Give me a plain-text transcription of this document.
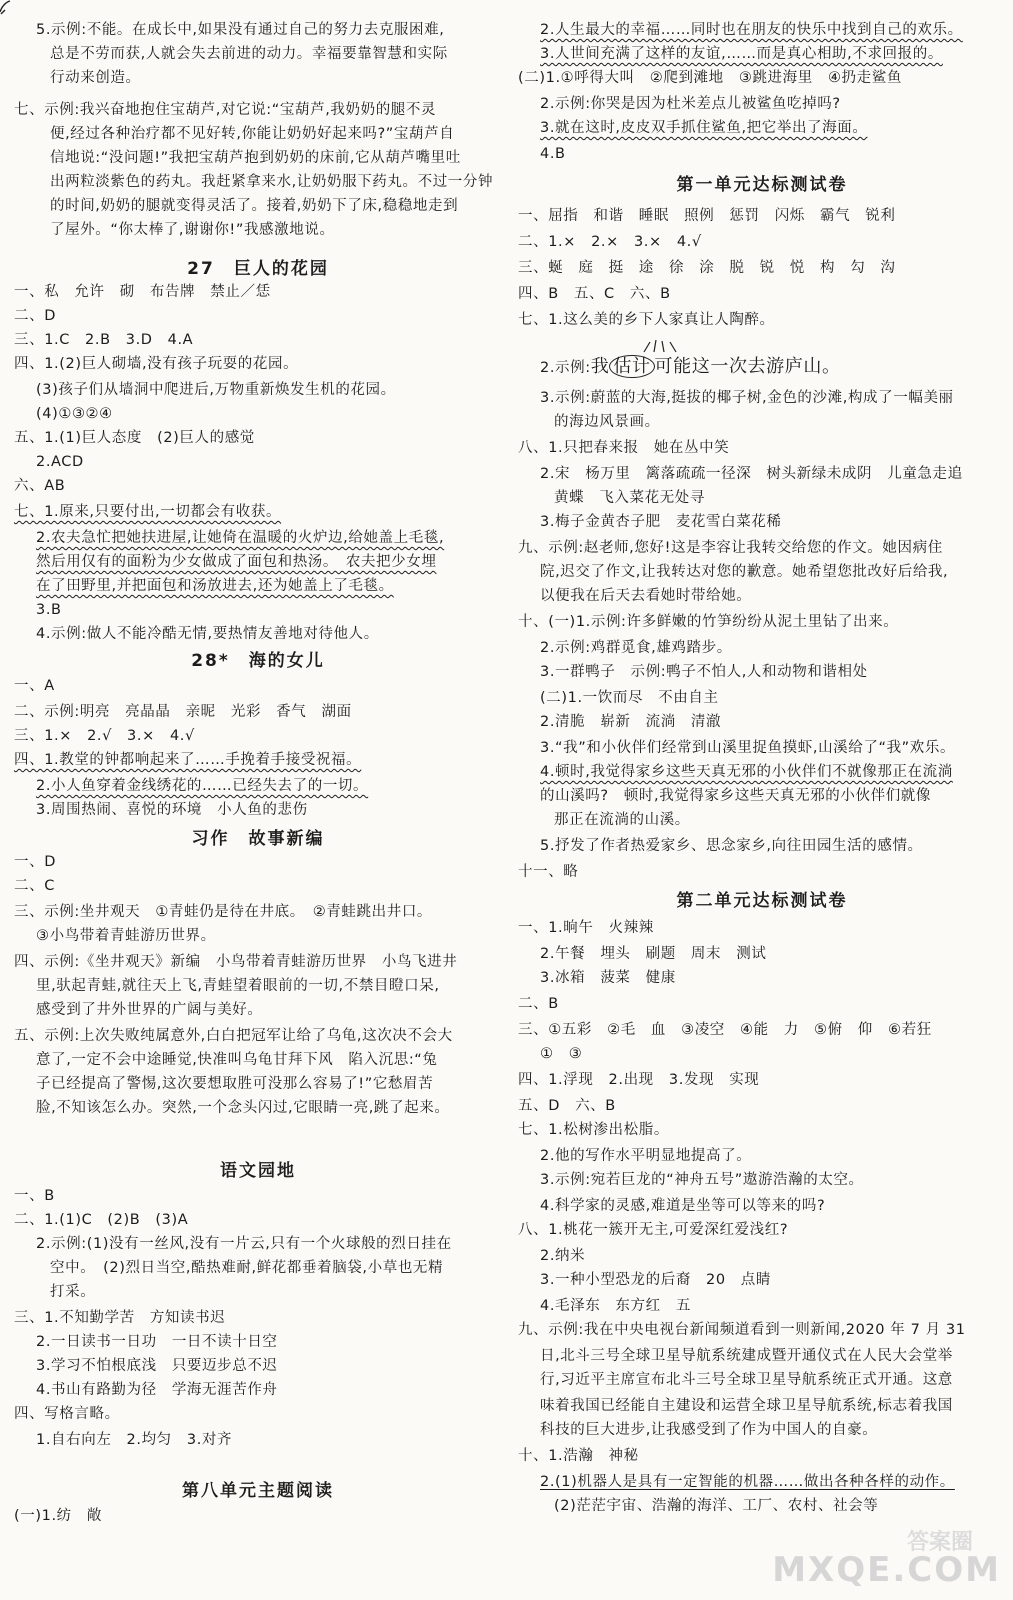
5.示例:不能。在成长中,如果没有通过自己的努力去克服困难,
总是不劳而获,人就会失去前进的动力。幸福要靠智慧和实际
行动来创造。
七、示例:我兴奋地抱住宝葫芦,对它说:“宝葫芦,我奶奶的腿不灵
便,经过各种治疗都不见好转,你能让奶奶好起来吗?”宝葫芦自
信地说:“没问题!”我把宝葫芦抱到奶奶的床前,它从葫芦嘴里吐
出两粒淡紫色的药丸。我赶紧拿来水,让奶奶服下药丸。不过一分钟
的时间,奶奶的腿就变得灵活了。接着,奶奶下了床,稳稳地走到
了屋外。“你太棒了,谢谢你!”我感激地说。
一、私　允许　砌　布告牌　禁止／恁
二、D
三、1.C　2.B　3.D　4.A
四、1.(2)巨人砌墙,没有孩子玩耍的花园。
(3)孩子们从墙洞中爬进后,万物重新焕发生机的花园。
(4)①③②④
五、1.(1)巨人态度　(2)巨人的感觉
2.ACD
六、AB
七、1.原来,只要付出,一切都会有收获。
2.农夫急忙把她扶进屋,让她倚在温暖的火炉边,给她盖上毛毯,
然后用仅有的面粉为少女做成了面包和热汤。　农夫把少女埋
在了田野里,并把面包和汤放进去,还为她盖上了毛毯。
3.B
4.示例:做人不能冷酷无情,要热情友善地对待他人。
一、A
二、示例:明亮　亮晶晶　亲昵　光彩　香气　湖面
三、1.×　2.√　3.×　4.√
四、1.教堂的钟都响起来了……手挽着手接受祝福。
2.小人鱼穿着金线绣花的……已经失去了的一切。
3.周围热闹、喜悦的环境　小人鱼的悲伤
一、D
二、C
三、示例:坐井观天　①青蛙仍是待在井底。　②青蛙跳出井口。
③小鸟带着青蛙游历世界。
四、示例:《坐井观天》新编　小鸟带着青蛙游历世界　小鸟飞进井
里,驮起青蛙,就往天上飞,青蛙望着眼前的一切,不禁目瞪口呆,
感受到了井外世界的广阔与美好。
五、示例:上次失败纯属意外,白白把冠军让给了乌龟,这次决不会大
意了,一定不会中途睡觉,快准叫乌龟甘拜下风　陷入沉思:“兔
子已经提高了警惕,这次要想取胜可没那么容易了!”它愁眉苦
脸,不知该怎么办。突然,一个念头闪过,它眼睛一亮,跳了起来。
一、B
二、1.(1)C　(2)B　(3)A
2.示例:(1)没有一丝风,没有一片云,只有一个火球般的烈日挂在
空中。　(2)烈日当空,酷热难耐,鲜花都垂着脑袋,小草也无精
打采。
三、1.不知勤学苦　方知读书迟
2.一日读书一日功　一日不读十日空
3.学习不怕根底浅　只要迈步总不迟
4.书山有路勤为径　学海无涯苦作舟
四、写格言略。
1.自右向左　2.均匀　3.对齐
(一)1.纺　敞
27　巨人的花园
28*　海的女儿
习作　故事新编
语文园地
第八单元主题阅读
2.示例:我 估计 可能这一次去游庐山。
2.人生最大的幸福……同时也在朋友的快乐中找到自己的欢乐。
3.人世间充满了这样的友谊,……而是真心相助,不求回报的。
(二)1.①呼得大叫　②爬到滩地　③跳进海里　④扔走鲨鱼
2.示例:你哭是因为杜米差点儿被鲨鱼吃掉吗?
3.就在这时,皮皮双手抓住鲨鱼,把它举出了海面。
4.B
一、屈指　和谐　睡眠　照例　惩罚　闪烁　霸气　锐利
二、1.×　2.×　3.×　4.√
三、蜒　庭　挺　途　徐　涂　脱　锐　悦　构　勾　沟
四、B　五、C　六、B
七、1.这么美的乡下人家真让人陶醉。
3.示例:蔚蓝的大海,挺拔的椰子树,金色的沙滩,构成了一幅美丽
的海边风景画。
八、1.只把春来报　她在丛中笑
2.宋　杨万里　篱落疏疏一径深　树头新绿未成阴　儿童急走追
黄蝶　飞入菜花无处寻
3.梅子金黄杏子肥　麦花雪白菜花稀
九、示例:赵老师,您好!这是李容让我转交给您的作文。她因病住
院,迟交了作文,让我转达对您的歉意。她希望您批改好后给我,
以便我在后天去看她时带给她。
十、(一)1.示例:许多鲜嫩的竹笋纷纷从泥土里钻了出来。
2.示例:鸡群觅食,雄鸡踏步。
3.一群鸭子　示例:鸭子不怕人,人和动物和谐相处
(二)1.一饮而尽　不由自主
2.清脆　崭新　流淌　清澈
3.“我”和小伙伴们经常到山溪里捉鱼摸虾,山溪给了“我”欢乐。
4.顿时,我觉得家乡这些天真无邪的小伙伴们不就像那正在流淌
的山溪吗?　顿时,我觉得家乡这些天真无邪的小伙伴们就像
那正在流淌的山溪。
5.抒发了作者热爱家乡、思念家乡,向往田园生活的感情。
十一、略
一、1.晌午　火辣辣
2.午餐　埋头　刷题　周末　测试
3.冰箱　菠菜　健康
二、B
三、①五彩　②毛　血　③凌空　④能　力　⑤俯　仰　⑥若狂
①　③
四、1.浮现　2.出现　3.发现　实现
五、D　六、B
七、1.松树渗出松脂。
2.他的写作水平明显地提高了。
3.示例:宛若巨龙的“神舟五号”遨游浩瀚的太空。
4.科学家的灵感,难道是坐等可以等来的吗?
八、1.桃花一簇开无主,可爱深红爱浅红?
2.纳米
3.一种小型恐龙的后裔　20　点睛
4.毛泽东　东方红　五
九、示例:我在中央电视台新闻频道看到一则新闻,2020 年 7 月 31
日,北斗三号全球卫星导航系统建成暨开通仪式在人民大会堂举
行,习近平主席宣布北斗三号全球卫星导航系统正式开通。这意
味着我国已经能自主建设和运营全球卫星导航系统,标志着我国
科技的巨大进步,让我感受到了作为中国人的自豪。
十、1.浩瀚　神秘
2.(1)机器人是具有一定智能的机器……做出各种各样的动作。
(2)茫茫宇宙、浩瀚的海洋、工厂、农村、社会等
第一单元达标测试卷
第二单元达标测试卷
答案圈
MXQE.COM
